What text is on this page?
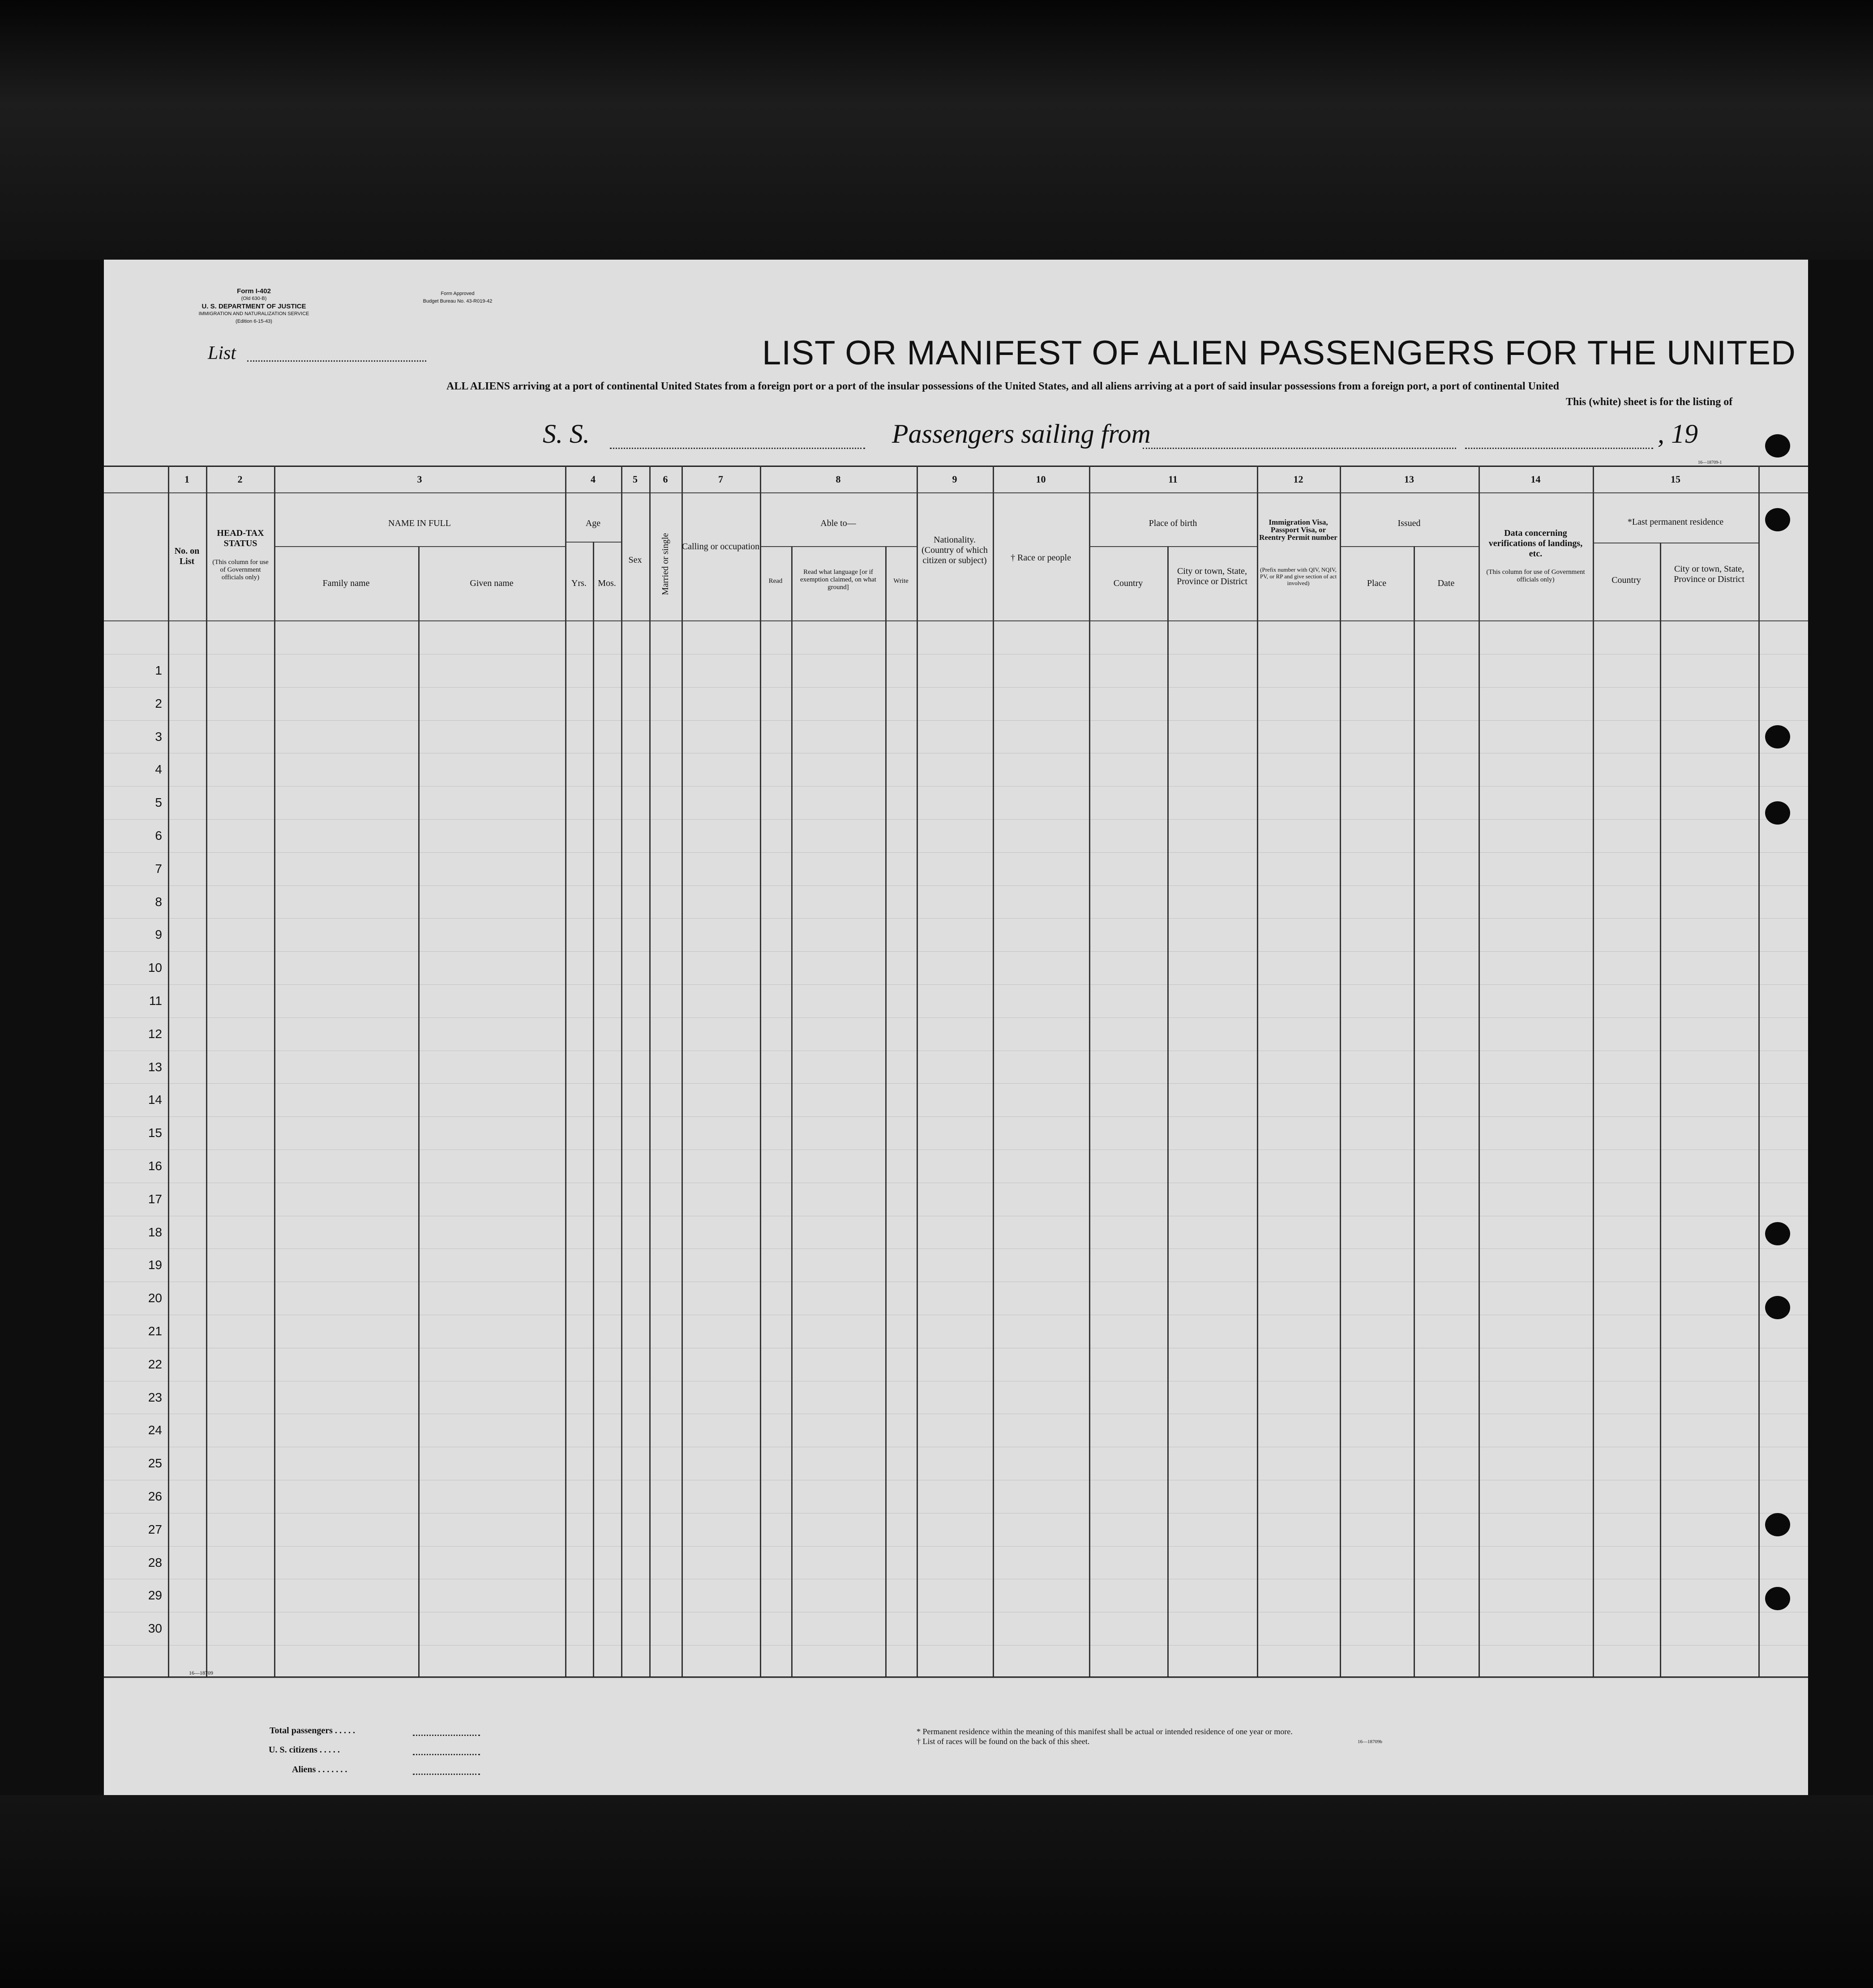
Form I-402
(Old 630-B)
U. S. DEPARTMENT OF JUSTICE
IMMIGRATION AND NATURALIZATION SERVICE
(Edition 6-15-43)
Form Approved
Budget Bureau No. 43-R019-42
List	LIST OR MANIFEST OF ALIEN PASSENGERS FOR THE UNITED
ALL ALIENS arriving at a port of continental United States from a foreign port or a port of the insular possessions of the United States, and all aliens arriving at a port of said insular possessions from a foreign port, a port of continental United
This (white) sheet is for the listing of
S. S.	Passengers sailing from	, 19
16—18709-1
1	2	3	4	5	6	7	8	9	10	11	12	13	14	15
No. on List
HEAD-TAX STATUS
(This column for use of Government officials only)
NAME IN FULL
Family name	Given name
Age
Yrs.	Mos.
Sex	Married or single	Calling or occupation
Able to—
Read
Read what language [or if exemption claimed, on what ground]
Write
Nationality. (Country of which citizen or subject)	† Race or people
Place of birth
Country
City or town, State, Province or District
Immigration Visa, Passport Visa, or Reentry Permit number
(Prefix number with QIV, NQIV, PV, or RP and give section of act involved)
Issued
Place	Date
Data concerning verifications of landings, etc.
(This column for use of Government officials only)
*Last permanent residence
Country
City or town, State, Province or District
1
2
3
4
5
6
7
8
9
10
11
12
13
14
15
16
17
18
19
20
21
22
23
24
25
26
27
28
29
30
16—18709
Total passengers . . . . .
U. S. citizens . . . . .
Aliens . . . . . . .
* Permanent residence within the meaning of this manifest shall be actual or intended residence of one year or more.
† List of races will be found on the back of this sheet.	16—18709b
